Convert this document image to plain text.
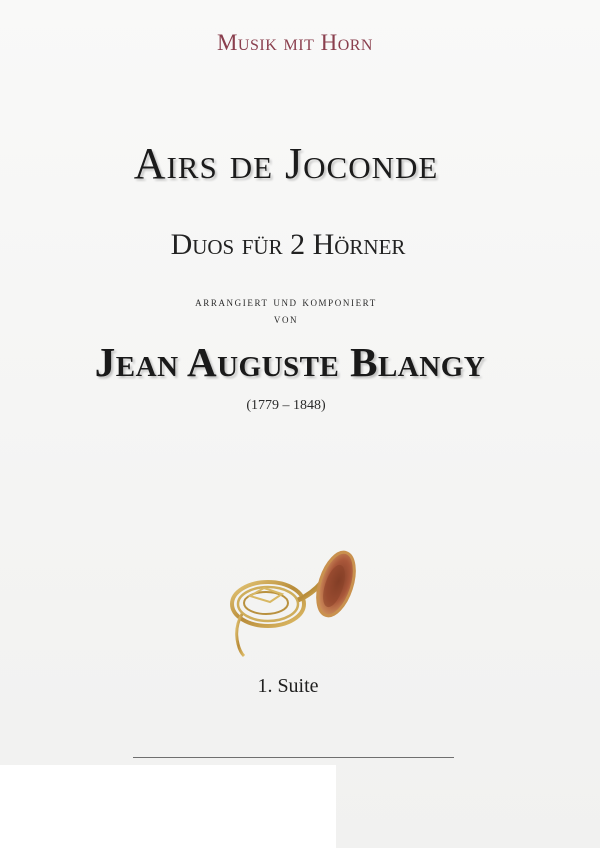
Musik mit Horn
Airs de Joconde
Duos für 2 Hörner
arrangiert und komponiert
von
Jean Auguste Blangy
(1779 – 1848)
1. Suite
